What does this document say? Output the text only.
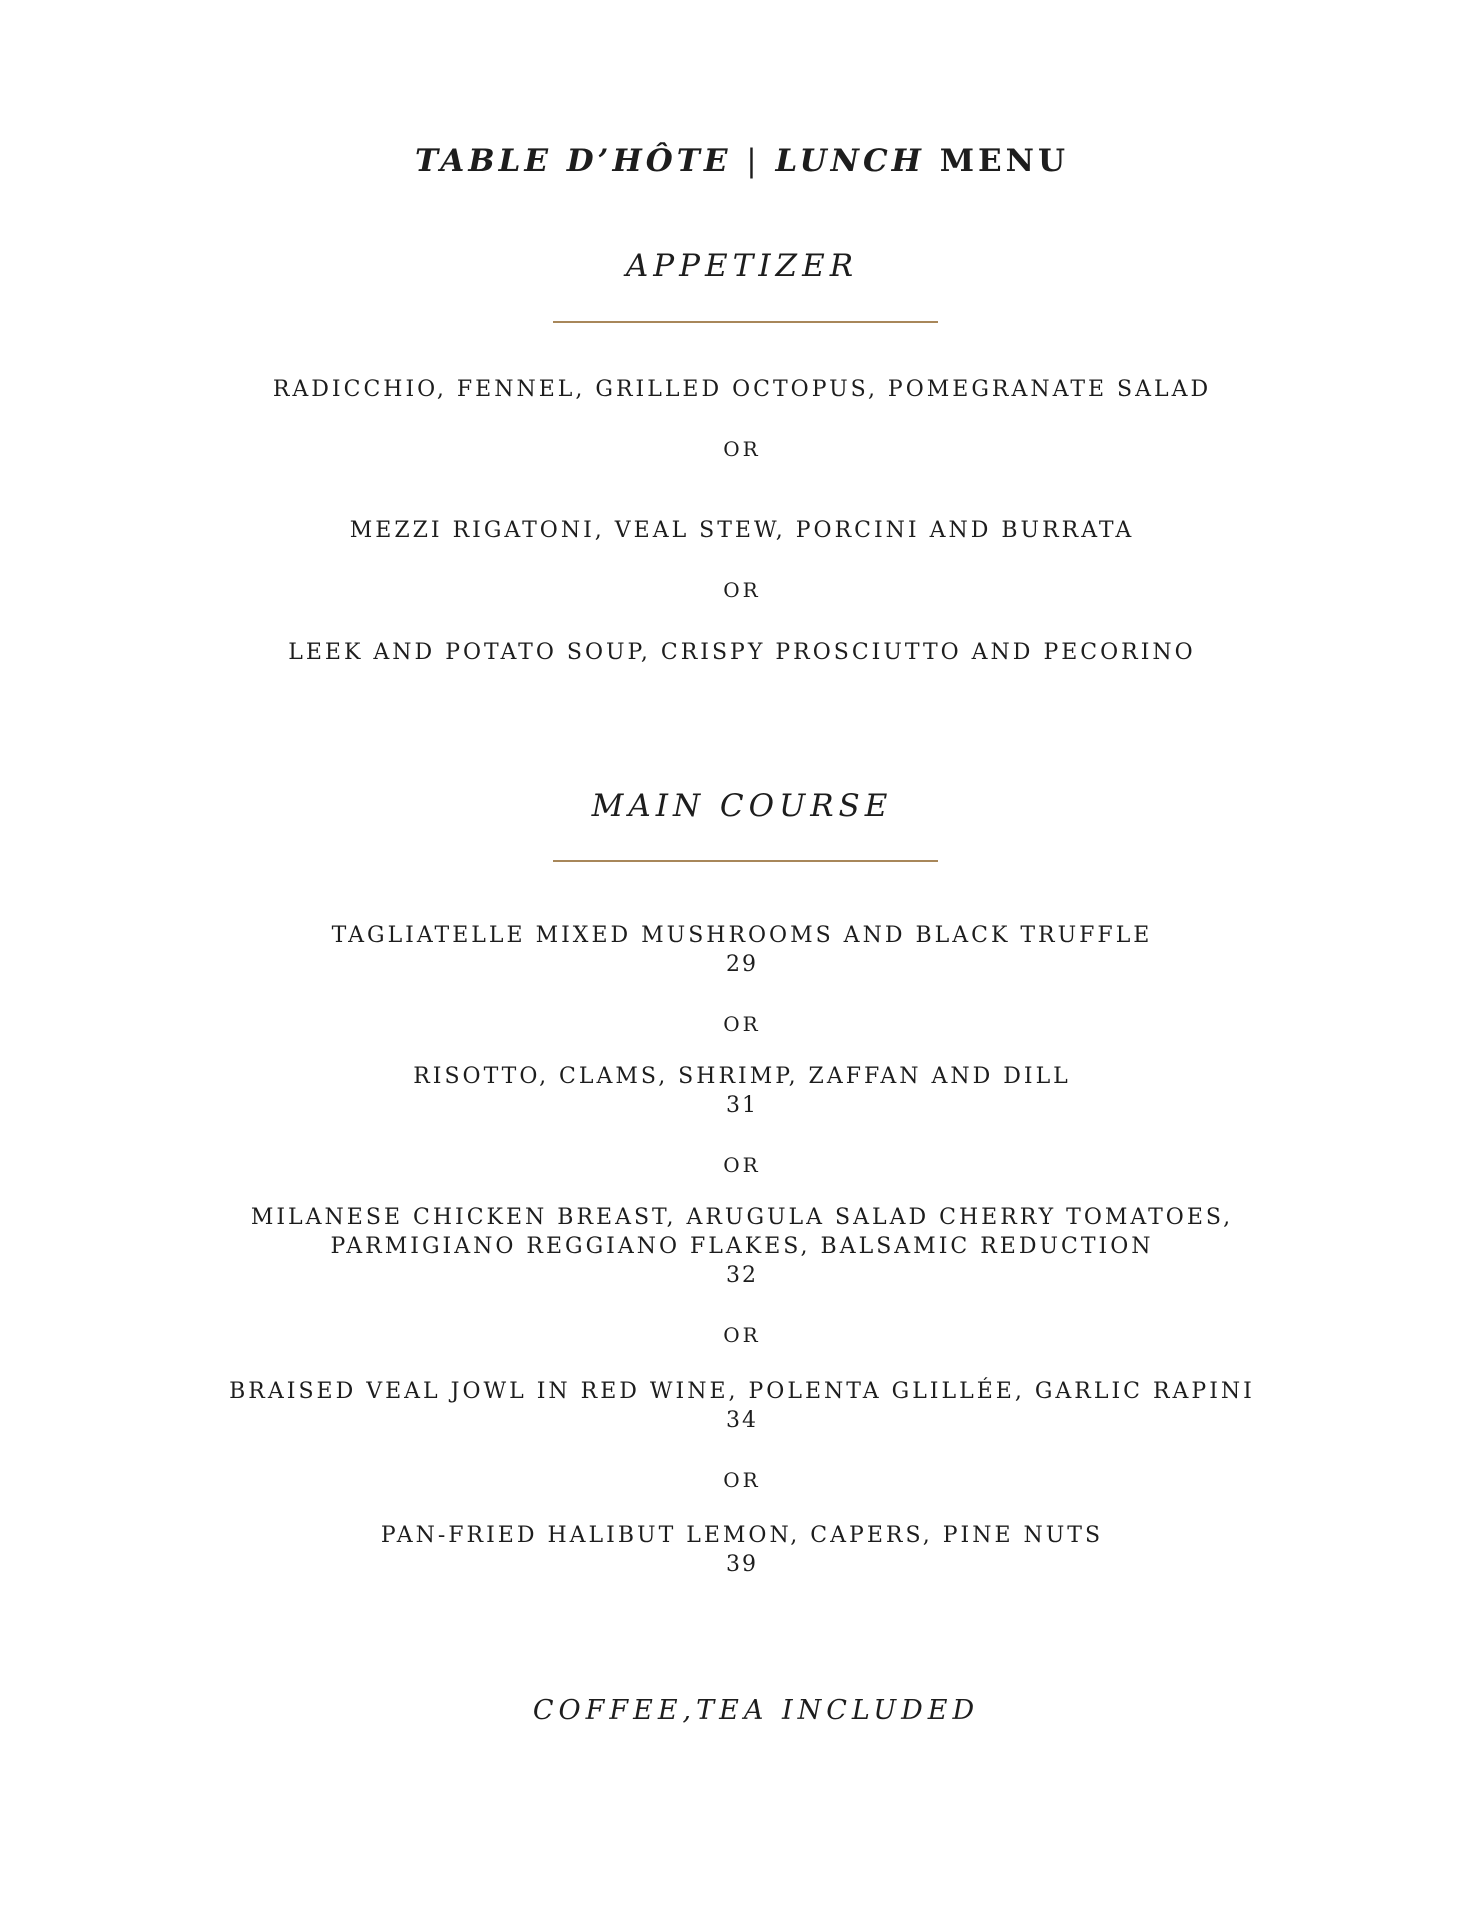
TABLE D’HÔTE | LUNCH MENU
APPETIZER

RADICCHIO, FENNEL, GRILLED OCTOPUS, POMEGRANATE SALAD

OR

MEZZI RIGATONI, VEAL STEW, PORCINI AND BURRATA

OR

LEEK AND POTATO SOUP, CRISPY PROSCIUTTO AND PECORINO

MAIN COURSE

TAGLIATELLE MIXED MUSHROOMS AND BLACK TRUFFLE

29

OR

RISOTTO, CLAMS, SHRIMP, ZAFFAN AND DILL

31

OR

MILANESE CHICKEN BREAST, ARUGULA SALAD CHERRY TOMATOES,

PARMIGIANO REGGIANO FLAKES, BALSAMIC REDUCTION

32

OR

BRAISED VEAL JOWL IN RED WINE, POLENTA GLILLÉE, GARLIC RAPINI

34

OR

PAN-FRIED HALIBUT LEMON, CAPERS, PINE NUTS

39

COFFEE,TEA INCLUDED
